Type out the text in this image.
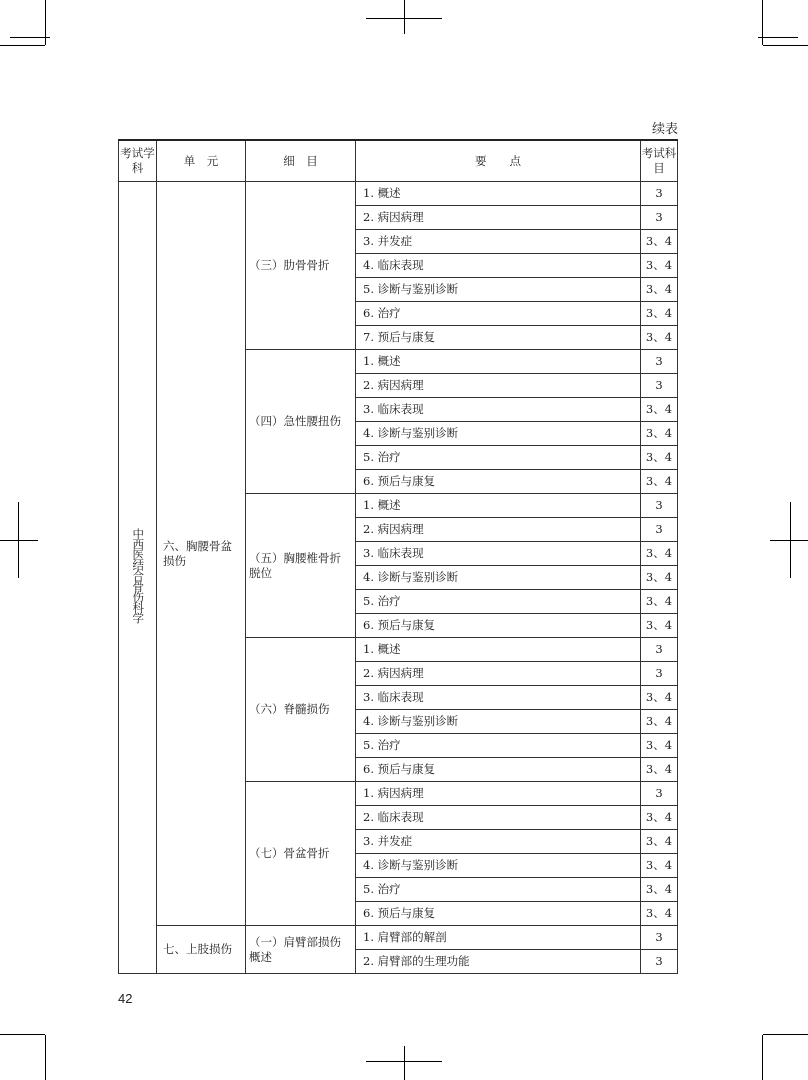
续表
考试学科	单　元	细　目	要　　点	考试科目
中西医结合骨伤科学	六、胸腰骨盆损伤	（三）肋骨骨折	1. 概述	3
			2. 病因病理	3
			3. 并发症	3、4
			4. 临床表现	3、4
			5. 诊断与鉴别诊断	3、4
			6. 治疗	3、4
			7. 预后与康复	3、4
		（四）急性腰扭伤	1. 概述	3
			2. 病因病理	3
			3. 临床表现	3、4
			4. 诊断与鉴别诊断	3、4
			5. 治疗	3、4
			6. 预后与康复	3、4
		（五）胸腰椎骨折脱位	1. 概述	3
			2. 病因病理	3
			3. 临床表现	3、4
			4. 诊断与鉴别诊断	3、4
			5. 治疗	3、4
			6. 预后与康复	3、4
		（六）脊髓损伤	1. 概述	3
			2. 病因病理	3
			3. 临床表现	3、4
			4. 诊断与鉴别诊断	3、4
			5. 治疗	3、4
			6. 预后与康复	3、4
		（七）骨盆骨折	1. 病因病理	3
			2. 临床表现	3、4
			3. 并发症	3、4
			4. 诊断与鉴别诊断	3、4
			5. 治疗	3、4
			6. 预后与康复	3、4
	七、上肢损伤	（一）肩臂部损伤概述	1. 肩臂部的解剖	3
			2. 肩臂部的生理功能	3
42
